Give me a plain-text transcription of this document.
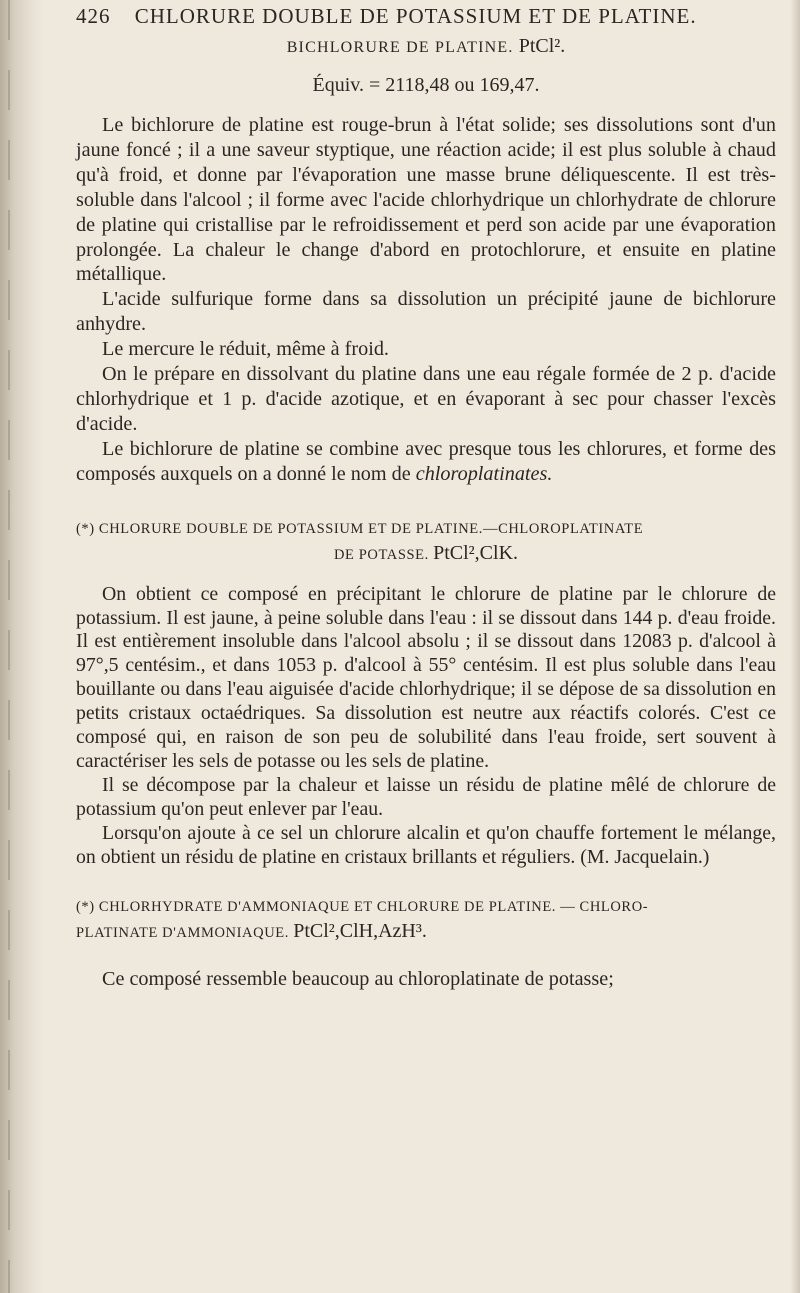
426 CHLORURE DOUBLE DE POTASSIUM ET DE PLATINE.
BICHLORURE DE PLATINE. PtCl².
Équiv. = 2118,48 ou 169,47.

Le bichlorure de platine est rouge-brun à l'état solide; ses dissolutions sont d'un jaune foncé ; il a une saveur styptique, une réaction acide; il est plus soluble à chaud qu'à froid, et donne par l'évaporation une masse brune déliquescente. Il est très-soluble dans l'alcool ; il forme avec l'acide chlorhydrique un chlorhydrate de chlorure de platine qui cristallise par le refroidissement et perd son acide par une évaporation prolongée. La chaleur le change d'abord en protochlorure, et ensuite en platine métallique.

L'acide sulfurique forme dans sa dissolution un précipité jaune de bichlorure anhydre.

Le mercure le réduit, même à froid.

On le prépare en dissolvant du platine dans une eau régale formée de 2 p. d'acide chlorhydrique et 1 p. d'acide azotique, et en évaporant à sec pour chasser l'excès d'acide.

Le bichlorure de platine se combine avec presque tous les chlorures, et forme des composés auxquels on a donné le nom de chloroplatinates.

(*) CHLORURE DOUBLE DE POTASSIUM ET DE PLATINE.—CHLOROPLATINATE
DE POTASSE. PtCl²,ClK.

On obtient ce composé en précipitant le chlorure de platine par le chlorure de potassium. Il est jaune, à peine soluble dans l'eau : il se dissout dans 144 p. d'eau froide. Il est entièrement insoluble dans l'alcool absolu ; il se dissout dans 12083 p. d'alcool à 97°,5 centésim., et dans 1053 p. d'alcool à 55° centésim. Il est plus soluble dans l'eau bouillante ou dans l'eau aiguisée d'acide chlorhydrique; il se dépose de sa dissolution en petits cristaux octaédriques. Sa dissolution est neutre aux réactifs colorés. C'est ce composé qui, en raison de son peu de solubilité dans l'eau froide, sert souvent à caractériser les sels de potasse ou les sels de platine.

Il se décompose par la chaleur et laisse un résidu de platine mêlé de chlorure de potassium qu'on peut enlever par l'eau.

Lorsqu'on ajoute à ce sel un chlorure alcalin et qu'on chauffe fortement le mélange, on obtient un résidu de platine en cristaux brillants et réguliers. (M. Jacquelain.)

(*) CHLORHYDRATE D'AMMONIAQUE ET CHLORURE DE PLATINE. — CHLORO-
PLATINATE D'AMMONIAQUE. PtCl²,ClH,AzH³.

Ce composé ressemble beaucoup au chloroplatinate de potasse;
